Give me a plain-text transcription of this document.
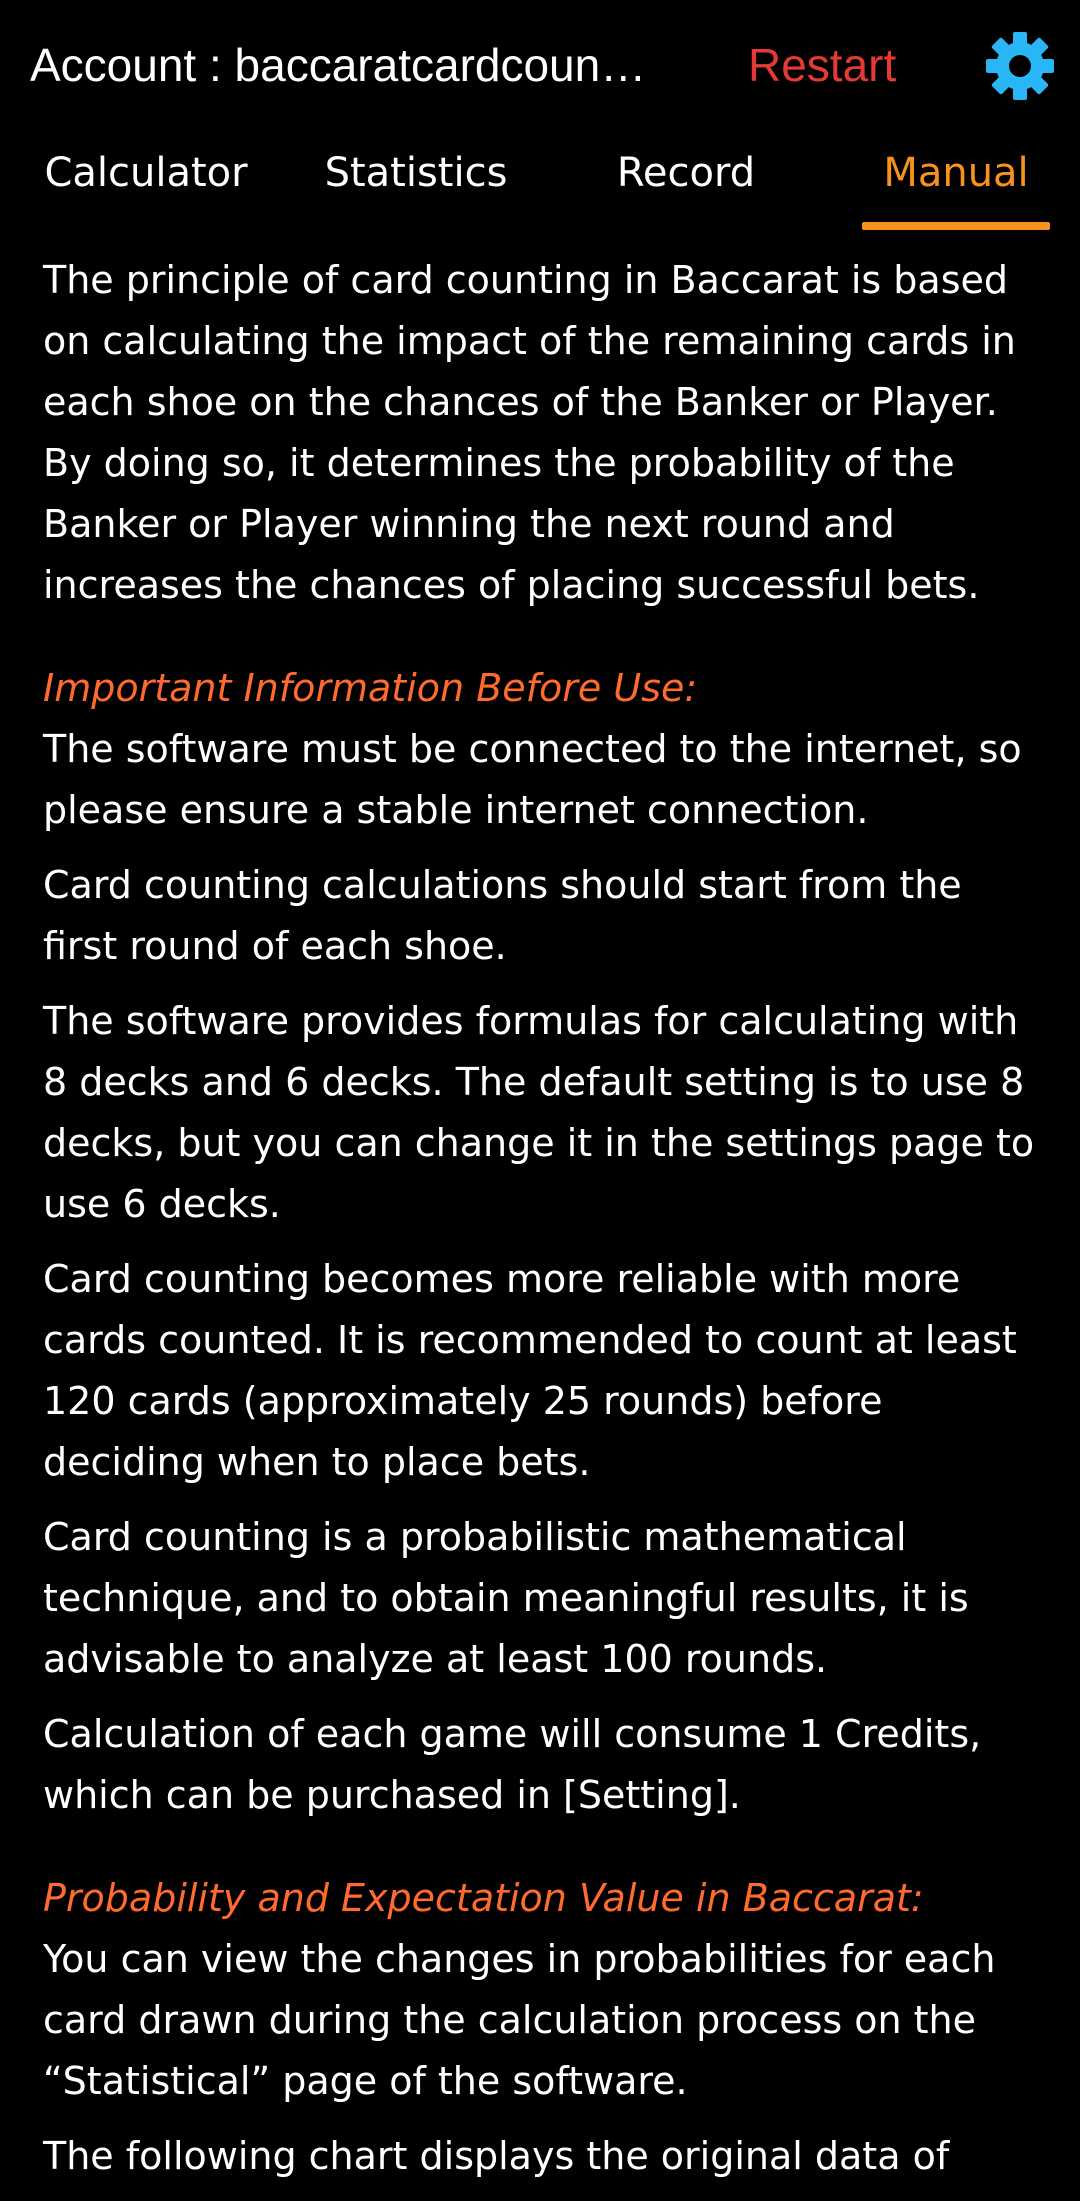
Account : baccaratcardcoun…	Restart
Calculator	Statistics	Record	Manual

The principle of card counting in Baccarat is based on calculating the impact of the remaining cards in each shoe on the chances of the Banker or Player. By doing so, it determines the probability of the Banker or Player winning the next round and increases the chances of placing successful bets.

Important Information Before Use:

The software must be connected to the internet, so please ensure a stable internet connection.

Card counting calculations should start from the first round of each shoe.

The software provides formulas for calculating with 8 decks and 6 decks. The default setting is to use 8 decks, but you can change it in the settings page to use 6 decks.

Card counting becomes more reliable with more cards counted. It is recommended to count at least 120 cards (approximately 25 rounds) before deciding when to place bets.

Card counting is a probabilistic mathematical technique, and to obtain meaningful results, it is advisable to analyze at least 100 rounds.

Calculation of each game will consume 1 Credits, which can be purchased in [Setting].

Probability and Expectation Value in Baccarat:

You can view the changes in probabilities for each card drawn during the calculation process on the “Statistical” page of the software.

The following chart displays the original data of
